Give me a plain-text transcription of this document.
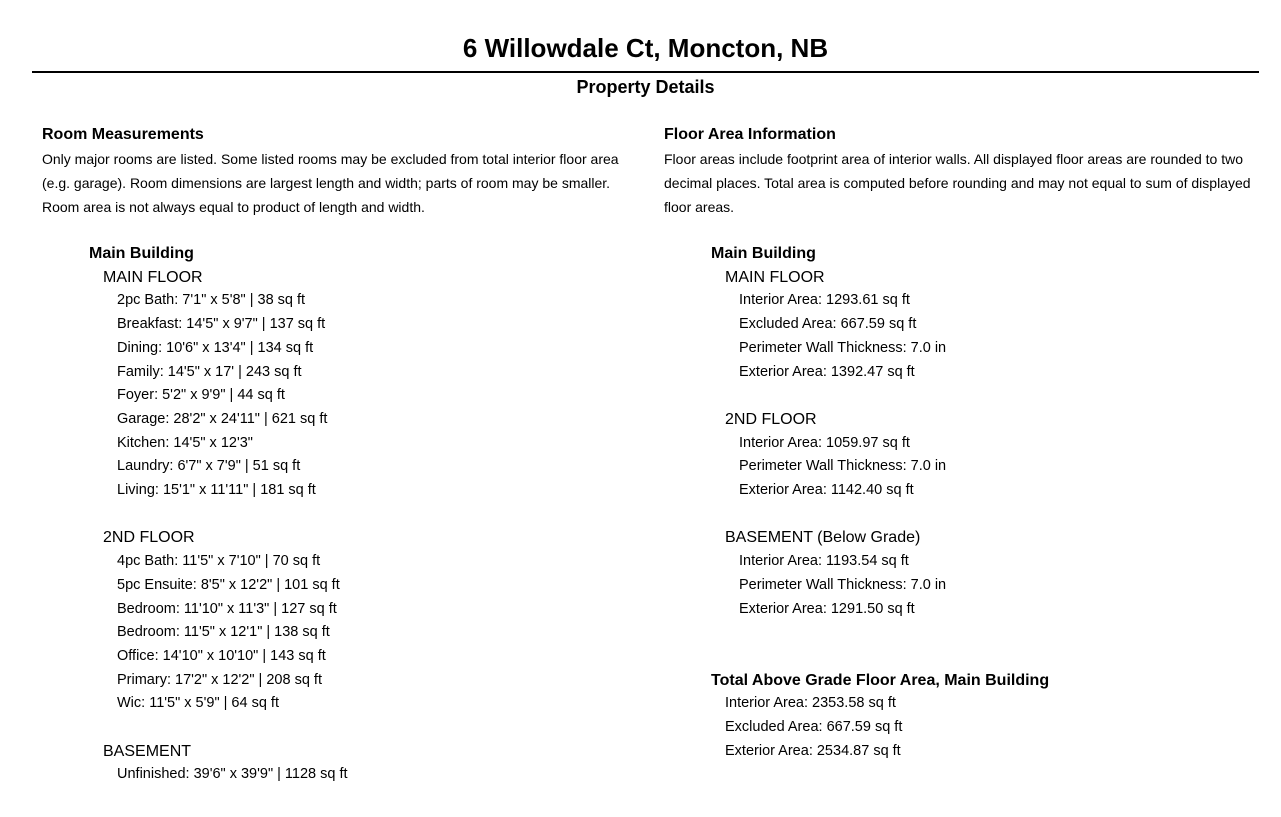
6 Willowdale Ct, Moncton, NB
Property Details
Room Measurements
Only major rooms are listed. Some listed rooms may be excluded from total interior floor area
(e.g. garage). Room dimensions are largest length and width; parts of room may be smaller.
Room area is not always equal to product of length and width.
Main Building
MAIN FLOOR
2pc Bath: 7'1" x 5'8" | 38 sq ft
Breakfast: 14'5" x 9'7" | 137 sq ft
Dining: 10'6" x 13'4" | 134 sq ft
Family: 14'5" x 17' | 243 sq ft
Foyer: 5'2" x 9'9" | 44 sq ft
Garage: 28'2" x 24'11" | 621 sq ft
Kitchen: 14'5" x 12'3"
Laundry: 6'7" x 7'9" | 51 sq ft
Living: 15'1" x 11'11" | 181 sq ft
2ND FLOOR
4pc Bath: 11'5" x 7'10" | 70 sq ft
5pc Ensuite: 8'5" x 12'2" | 101 sq ft
Bedroom: 11'10" x 11'3" | 127 sq ft
Bedroom: 11'5" x 12'1" | 138 sq ft
Office: 14'10" x 10'10" | 143 sq ft
Primary: 17'2" x 12'2" | 208 sq ft
Wic: 11'5" x 5'9" | 64 sq ft
BASEMENT
Unfinished: 39'6" x 39'9" | 1128 sq ft
Floor Area Information
Floor areas include footprint area of interior walls. All displayed floor areas are rounded to two
decimal places. Total area is computed before rounding and may not equal to sum of displayed
floor areas.
Main Building
MAIN FLOOR
Interior Area: 1293.61 sq ft
Excluded Area: 667.59 sq ft
Perimeter Wall Thickness: 7.0 in
Exterior Area: 1392.47 sq ft
2ND FLOOR
Interior Area: 1059.97 sq ft
Perimeter Wall Thickness: 7.0 in
Exterior Area: 1142.40 sq ft
BASEMENT (Below Grade)
Interior Area: 1193.54 sq ft
Perimeter Wall Thickness: 7.0 in
Exterior Area: 1291.50 sq ft
Total Above Grade Floor Area, Main Building
Interior Area: 2353.58 sq ft
Excluded Area: 667.59 sq ft
Exterior Area: 2534.87 sq ft
